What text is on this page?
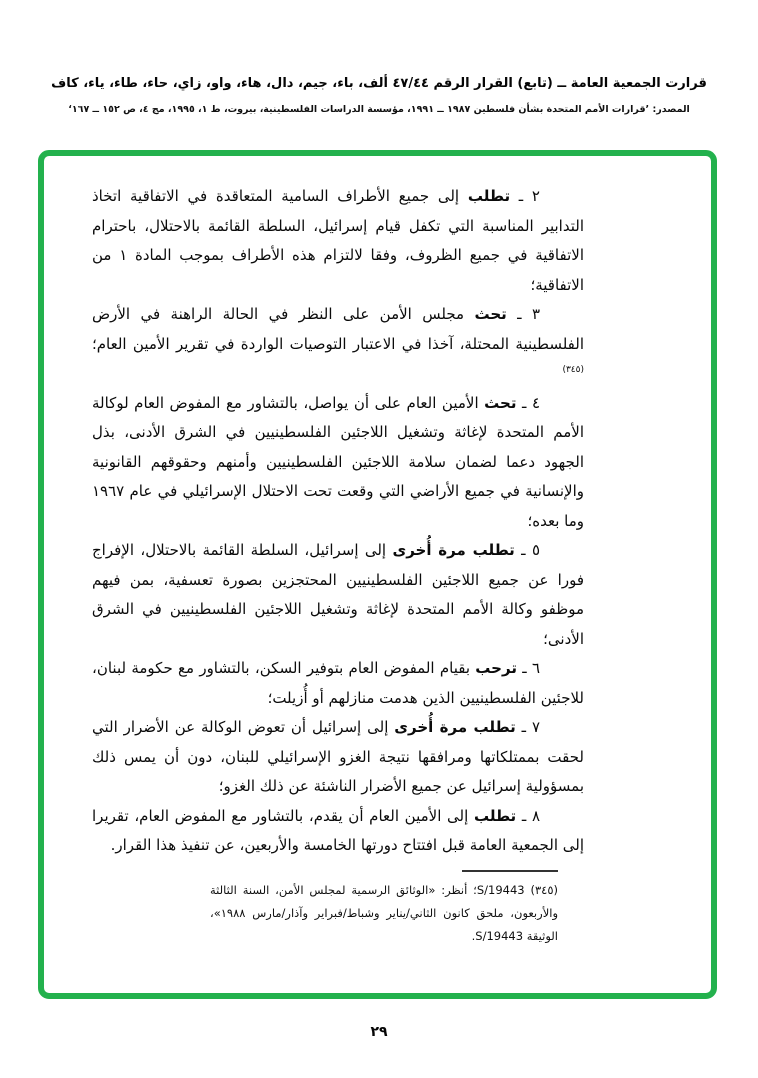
قرارت الجمعية العامة ــ (تابع) القرار الرقم ٤٧/٤٤ ألف، باء، جيم، دال، هاء، واو، زاي، حاء، طاء، ياء، كاف
المصدر: ’قرارات الأمم المتحدة بشأن فلسطين ١٩٨٧ ــ ١٩٩١، مؤسسة الدراسات الفلسطينية، بيروت، ط ١، ١٩٩٥، مج ٤، ص ١٥٢ ــ ١٦٧‘

٢ ـ تطلب إلى جميع الأطراف السامية المتعاقدة في الاتفاقية اتخاذ التدابير المناسبة التي تكفل قيام إسرائيل، السلطة القائمة بالاحتلال، باحترام الاتفاقية في جميع الظروف، وفقا لالتزام هذه الأطراف بموجب المادة ١ من الاتفاقية؛

٣ ـ تحث مجلس الأمن على النظر في الحالة الراهنة في الأرض الفلسطينية المحتلة، آخذا في الاعتبار التوصيات الواردة في تقرير الأمين العام؛$^{(٣٤٥)}$

٤ ـ تحث الأمين العام على أن يواصل، بالتشاور مع المفوض العام لوكالة الأمم المتحدة لإغاثة وتشغيل اللاجئين الفلسطينيين في الشرق الأدنى، بذل الجهود دعما لضمان سلامة اللاجئين الفلسطينيين وأمنهم وحقوقهم القانونية والإنسانية في جميع الأراضي التي وقعت تحت الاحتلال الإسرائيلي في عام ١٩٦٧ وما بعده؛

٥ ـ تطلب مرة أُخرى إلى إسرائيل، السلطة القائمة بالاحتلال، الإفراج فورا عن جميع اللاجئين الفلسطينيين المحتجزين بصورة تعسفية، بمن فيهم موظفو وكالة الأمم المتحدة لإغاثة وتشغيل اللاجئين الفلسطينيين في الشرق الأدنى؛

٦ ـ ترحب بقيام المفوض العام بتوفير السكن، بالتشاور مع حكومة لبنان، للاجئين الفلسطينيين الذين هدمت منازلهم أو أُزيلت؛

٧ ـ تطلب مرة أُخرى إلى إسرائيل أن تعوض الوكالة عن الأضرار التي لحقت بممتلكاتها ومرافقها نتيجة الغزو الإسرائيلي للبنان، دون أن يمس ذلك بمسؤولية إسرائيل عن جميع الأضرار الناشئة عن ذلك الغزو؛

٨ ـ تطلب إلى الأمين العام أن يقدم، بالتشاور مع المفوض العام، تقريرا إلى الجمعية العامة قبل افتتاح دورتها الخامسة والأربعين، عن تنفيذ هذا القرار.

(٣٤٥) S/19443؛ أنظر: «الوثائق الرسمية لمجلس الأمن، السنة الثالثة والأربعون، ملحق كانون الثاني/يناير وشباط/فبراير وآذار/مارس ١٩٨٨»، الوثيقة S/19443.
٢٩
